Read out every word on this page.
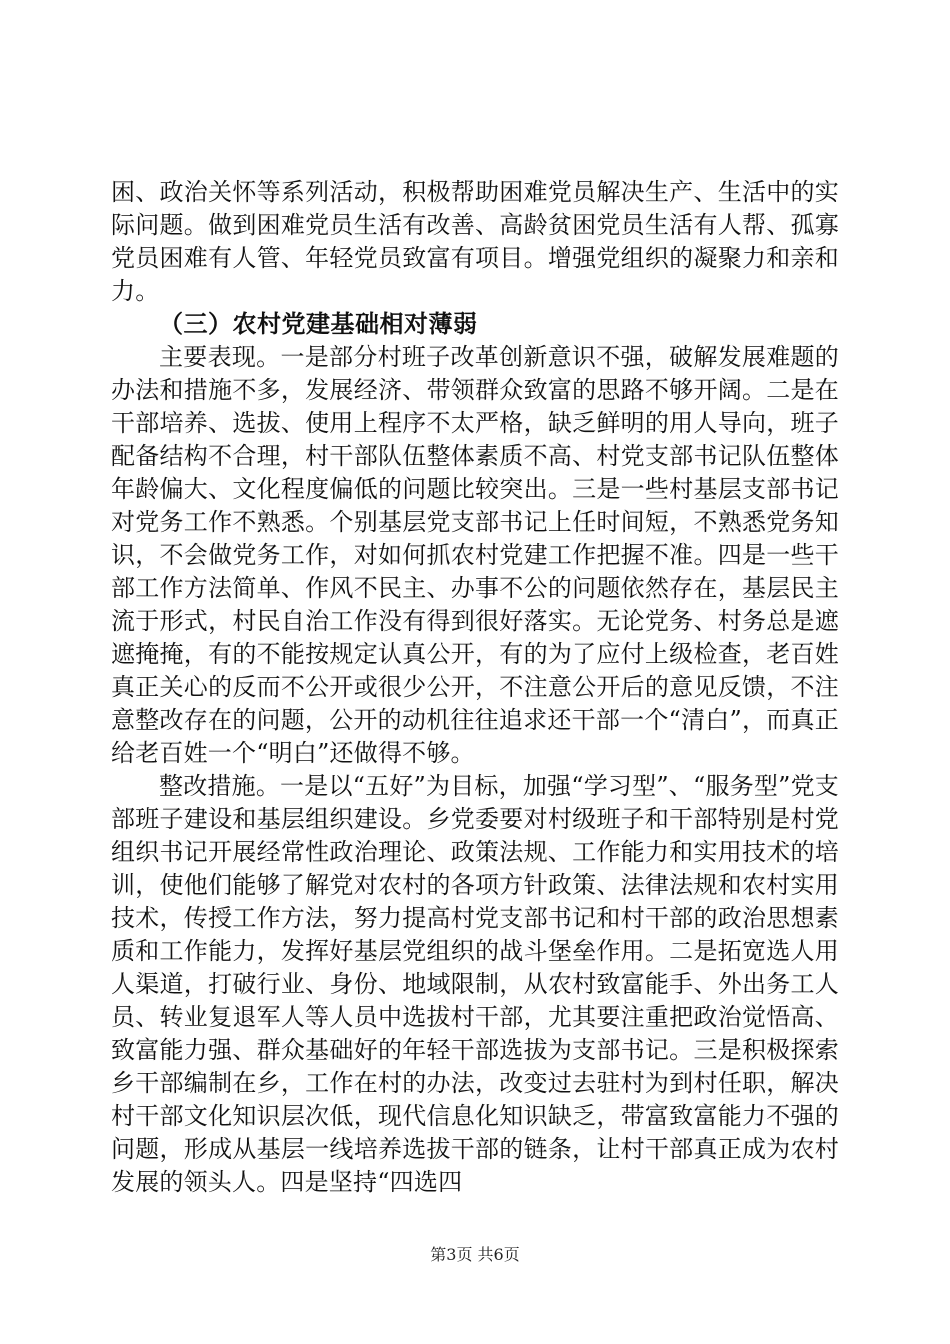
困、政治关怀等系列活动，积极帮助困难党员解决生产、生活中的实际问题。做到困难党员生活有改善、高龄贫困党员生活有人帮、孤寡党员困难有人管、年轻党员致富有项目。增强党组织的凝聚力和亲和力。

（三）农村党建基础相对薄弱

主要表现。一是部分村班子改革创新意识不强，破解发展难题的办法和措施不多，发展经济、带领群众致富的思路不够开阔。二是在干部培养、选拔、使用上程序不太严格，缺乏鲜明的用人导向，班子配备结构不合理，村干部队伍整体素质不高、村党支部书记队伍整体年龄偏大、文化程度偏低的问题比较突出。三是一些村基层支部书记对党务工作不熟悉。个别基层党支部书记上任时间短，不熟悉党务知识，不会做党务工作，对如何抓农村党建工作把握不准。四是一些干部工作方法简单、作风不民主、办事不公的问题依然存在，基层民主流于形式，村民自治工作没有得到很好落实。无论党务、村务总是遮遮掩掩，有的不能按规定认真公开，有的为了应付上级检查，老百姓真正关心的反而不公开或很少公开，不注意公开后的意见反馈，不注意整改存在的问题，公开的动机往往追求还干部一个“清白”，而真正给老百姓一个“明白”还做得不够。

整改措施。一是以“五好”为目标，加强“学习型”、“服务型”党支部班子建设和基层组织建设。乡党委要对村级班子和干部特别是村党组织书记开展经常性政治理论、政策法规、工作能力和实用技术的培训，使他们能够了解党对农村的各项方针政策、法律法规和农村实用技术，传授工作方法，努力提高村党支部书记和村干部的政治思想素质和工作能力，发挥好基层党组织的战斗堡垒作用。二是拓宽选人用人渠道，打破行业、身份、地域限制，从农村致富能手、外出务工人员、转业复退军人等人员中选拔村干部，尤其要注重把政治觉悟高、致富能力强、群众基础好的年轻干部选拔为支部书记。三是积极探索乡干部编制在乡，工作在村的办法，改变过去驻村为到村任职，解决村干部文化知识层次低，现代信息化知识缺乏，带富致富能力不强的问题，形成从基层一线培养选拔干部的链条，让村干部真正成为农村发展的领头人。四是坚持“四选四

第3页 共6页
